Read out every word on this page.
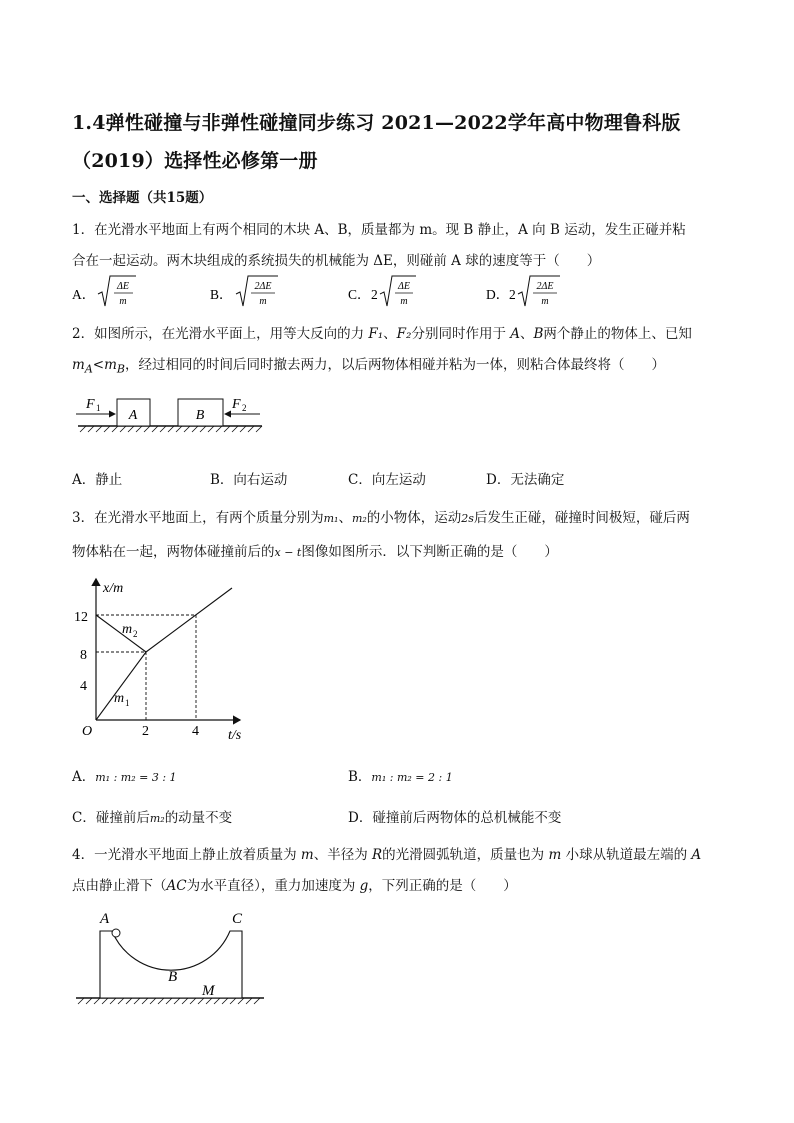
1.4弹性碰撞与非弹性碰撞同步练习 2021—2022学年高中物理鲁科版
（2019）选择性必修第一册
一、选择题（共15题）
1．在光滑水平地面上有两个相同的木块 A、B，质量都为 m。现 B 静止，A 向 B 运动，发生正碰并粘
合在一起运动。两木块组成的系统损失的机械能为 ΔE，则碰前 A 球的速度等于（　　）
A．
ΔE
m	B．
2ΔE
m	C． 2
ΔE
m	D． 2
2ΔE
m
2．如图所示，在光滑水平面上，用等大反向的力 F₁、F₂分别同时作用于 A、B两个静止的物体上、已知
$m_A<m_B$，经过相同的时间后同时撤去两力，以后两物体相碰并粘为一体，则粘合体最终将（　　）
A	B
F 1	F 2
A．静止	B．向右运动	C．向左运动	D．无法确定
3．在光滑水平地面上，有两个质量分别为m₁、m₂的小物体，运动2s后发生正碰，碰撞时间极短，碰后两
物体粘在一起，两物体碰撞前后的x − t图像如图所示．以下判断正确的是（　　）
x/m
t/s
O
12
8
4
2	4
m 2
m 1
A．m₁ : m₂ = 3 : 1	B．m₁ : m₂ = 2 : 1
C．碰撞前后m₂的动量不变	D．碰撞前后两物体的总机械能不变
4．一光滑水平地面上静止放着质量为 m、半径为 R的光滑圆弧轨道，质量也为 m 小球从轨道最左端的 A
点由静止滑下（AC为水平直径），重力加速度为 g，下列正确的是（　　）
A	C
B
M
